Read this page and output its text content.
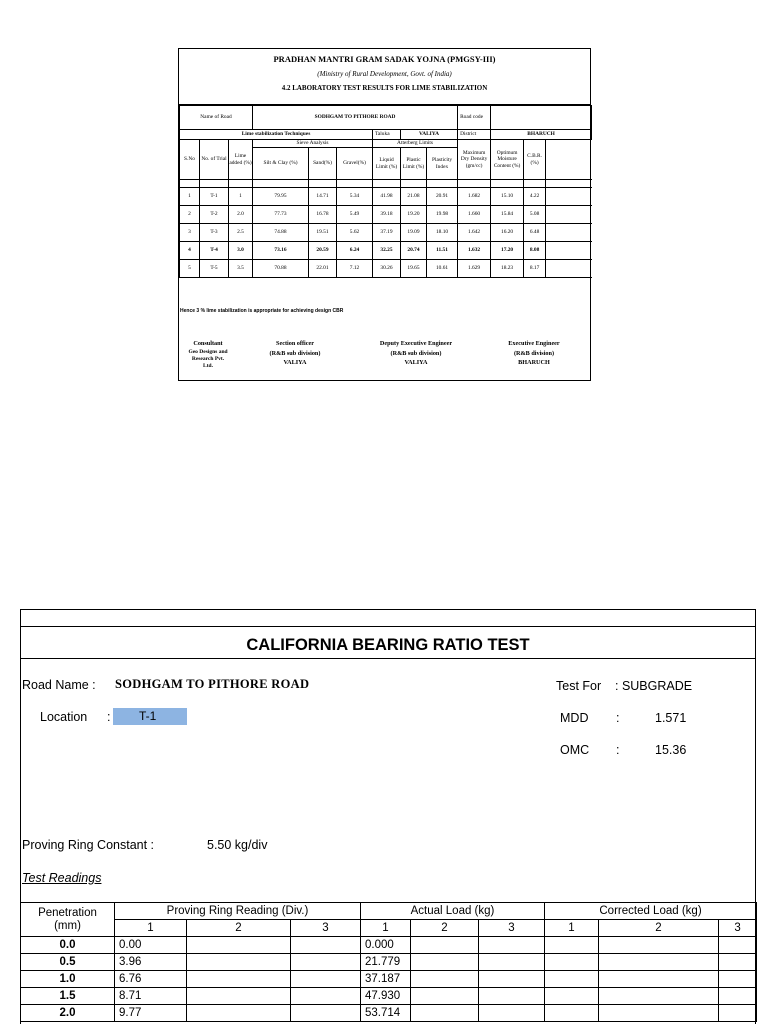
PRADHAN MANTRI GRAM SADAK YOJNA (PMGSY-III)
(Ministry of Rural Development, Govt. of India)
4.2 LABORATORY TEST RESULTS FOR LIME STABILIZATION
Name of Road			SODHGAM TO PITHORE ROAD						Road code			
Lime stabilization Techniques						Taluka	VALIYA		District	BHARUCH		
S.No	No. of Trial	Lime added (%)	Sieve Analysis			Atterberg Limits			Maximum Dry Density (gm/cc)	Optimum Moisture Content (%)	C.B.R. (%)	
			Silt & Clay (%)	Sand(%)	Gravel(%)	Liquid Limit (%)	Plastic Limit (%)	Plasticity Index				

1	T-1	1	79.95	14.71	5.34	41.98	21.08	20.91	1.682	15.10	4.22	
2	T-2	2.0	77.73	16.78	5.49	39.18	19.20	19.98	1.660	15.84	5.08	
3	T-3	2.5	74.88	19.51	5.62	37.19	19.09	18.10	1.642	16.20	6.48	
4	T-4	3.0	73.16	20.59	6.24	32.25	20.74	11.51	1.632	17.20	8.08	
5	T-5	3.5	70.88	22.01	7.12	30.26	19.65	10.61	1.629	18.23	8.17	
Hence 3 % lime stabilization is appropriate for achieving design CBR
Consultant
Geo Designs and
Research Pvt.
Ltd.
Section officer
(R&B sub division)
VALIYA
Deputy Executive Engineer
(R&B sub division)
VALIYA
Executive Engineer
(R&B division)
BHARUCH
CALIFORNIA BEARING RATIO TEST
Road Name : SODHGAM TO PITHORE ROAD
Location :	T-1
Test For : SUBGRADE
MDD :	1.571
OMC :	15.36
Proving Ring Constant :	5.50 kg/div
Test Readings
Penetration
(mm)	Proving Ring Reading (Div.)			Actual Load (kg)			Corrected Load (kg)		
	1	2	3	1	2	3	1	2	3
0.0	0.00			0.000					
0.5	3.96			21.779					
1.0	6.76			37.187					
1.5	8.71			47.930					
2.0	9.77			53.714					
